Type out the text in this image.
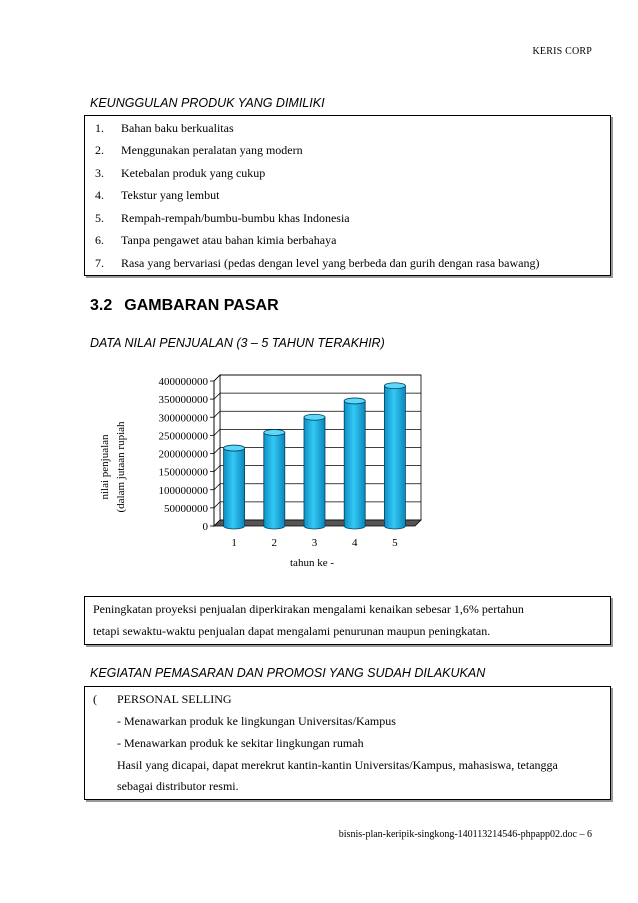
KERIS CORP
KEUNGGULAN PRODUK YANG DIMILIKI
1. Bahan baku berkualitas
2. Menggunakan peralatan yang modern
3. Ketebalan produk yang cukup
4. Tekstur yang lembut
5. Rempah-rempah/bumbu-bumbu khas Indonesia
6. Tanpa pengawet atau bahan kimia berbahaya
7. Rasa yang bervariasi (pedas dengan level yang berbeda dan gurih dengan rasa bawang)
3.2 GAMBARAN PASAR
DATA NILAI PENJUALAN (3 – 5 TAHUN TERAKHIR)
0
50000000
100000000
150000000
200000000
250000000
300000000
350000000
400000000
1	2	3	4	5
nilai penjualan (dalam jutaan rupiah
tahun ke -
Peningkatan proyeksi penjualan diperkirakan mengalami kenaikan sebesar 1,6% pertahun
tetapi sewaktu-waktu penjualan dapat mengalami penurunan maupun peningkatan.
KEGIATAN PEMASARAN DAN PROMOSI YANG SUDAH DILAKUKAN
( PERSONAL SELLING
- Menawarkan produk ke lingkungan Universitas/Kampus
- Menawarkan produk ke sekitar lingkungan rumah
Hasil yang dicapai, dapat merekrut kantin-kantin Universitas/Kampus, mahasiswa, tetangga
sebagai distributor resmi.
bisnis-plan-keripik-singkong-140113214546-phpapp02.doc – 6
